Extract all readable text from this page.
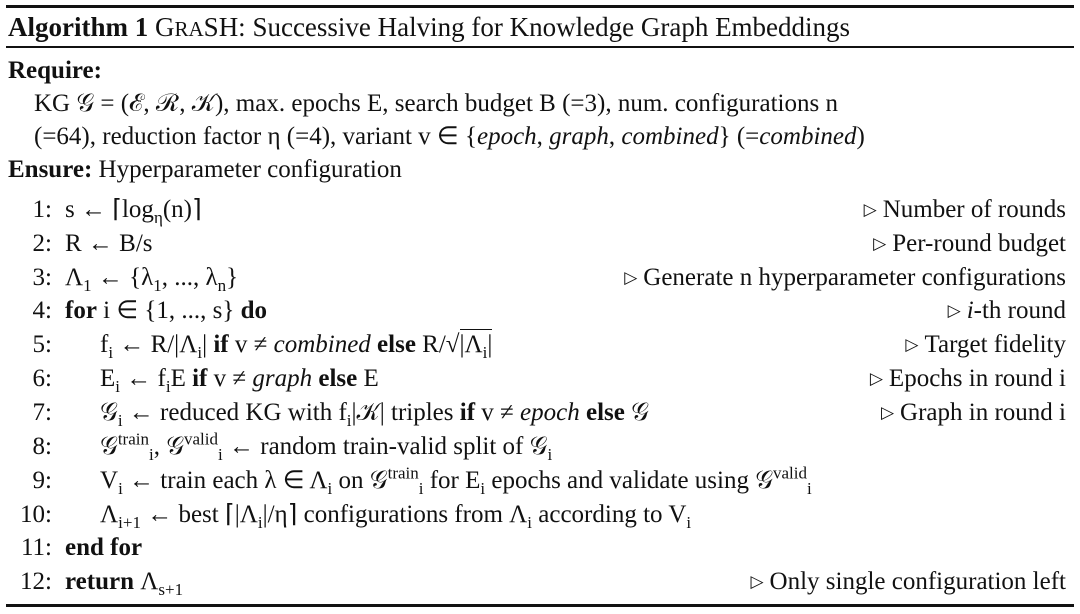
Algorithm 1 GRASH: Successive Halving for Knowledge Graph Embeddings
Require:
KG 𝒢 = (ℰ, ℛ, 𝒦), max. epochs E, search budget B (=3), num. configurations n
(=64), reduction factor η (=4), variant v ∈ {epoch, graph, combined} (=combined)
Ensure: Hyperparameter configuration
1: s ← $⌈\log_\eta(n)⌉$	▷ Number of rounds
2: R ← B/s	▷ Per-round budget
3: $\Lambda_1$ ← {$\lambda_1$, ..., $\lambda_n$}	▷ Generate n hyperparameter configurations
4: for i ∈ {1, ..., s} do	▷ i-th round
5: $f_i$ ← $R/|\Lambda_i|$ if v ≠ combined else $R/√|\Lambda_i|$	▷ Target fidelity
6: $E_i$ ← $f_iE$ if v ≠ graph else E	▷ Epochs in round i
7: 𝒢$_i$ ← reduced KG with $f_i|𝒦|$ triples if v ≠ epoch else 𝒢	▷ Graph in round i
8: 𝒢$^{train}_i$, 𝒢$^{valid}_i$ ← random train-valid split of 𝒢$_i$
9: $V_i$ ← train each λ ∈ $\Lambda_i$ on 𝒢$^{train}_i$ for $E_i$ epochs and validate using 𝒢$^{valid}_i$
10: $\Lambda_{i+1}$ ← best $⌈|\Lambda_i|/\eta⌉$ configurations from $\Lambda_i$ according to $V_i$
11: end for
12: return $\Lambda_{s+1}$	▷ Only single configuration left
